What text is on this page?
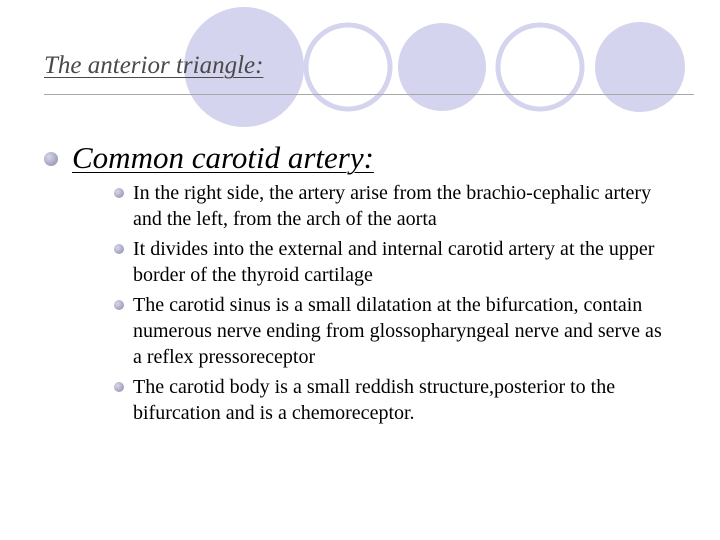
The anterior triangle:
Common carotid artery:
In the right side, the artery arise from the brachio-cephalic artery and the left, from the arch of the aorta
It divides into the external and internal carotid artery at the upper border of the thyroid cartilage
The carotid sinus is a small dilatation at the bifurcation, contain numerous nerve ending from glossopharyngeal nerve and serve as a reflex pressoreceptor
The carotid body is a small reddish structure,posterior to the bifurcation and is a chemoreceptor.
